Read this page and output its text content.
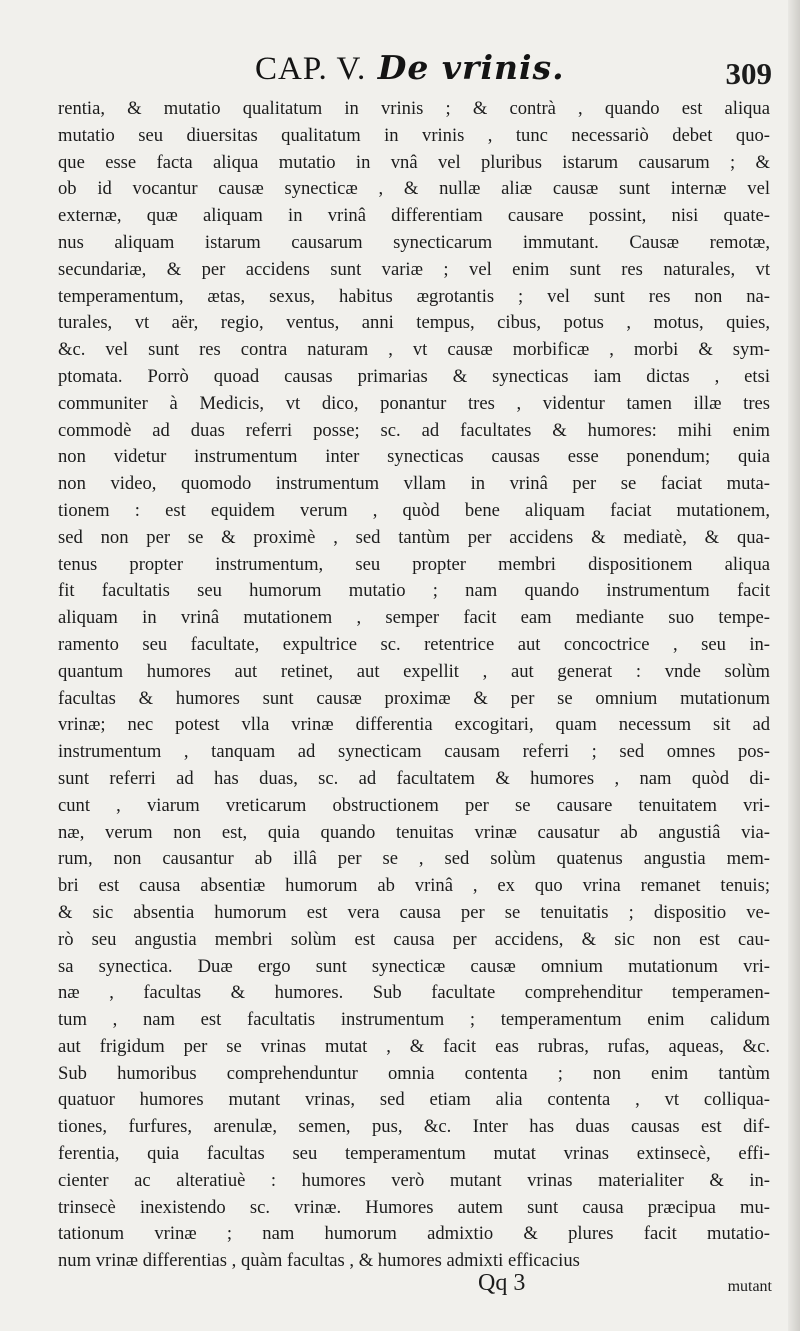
CAP. V. De vrinis.	309
rentia, & mutatio qualitatum in vrinis ; & contrà , quando est aliqua
mutatio seu diuersitas qualitatum in vrinis , tunc necessariò debet quo-
que esse facta aliqua mutatio in vnâ vel pluribus istarum causarum ; &
ob id vocantur causæ synecticæ , & nullæ aliæ causæ sunt internæ vel
externæ, quæ aliquam in vrinâ differentiam causare possint, nisi quate-
nus aliquam istarum causarum synecticarum immutant. Causæ remotæ,
secundariæ, & per accidens sunt variæ ; vel enim sunt res naturales, vt
temperamentum, ætas, sexus, habitus ægrotantis ; vel sunt res non na-
turales, vt aër, regio, ventus, anni tempus, cibus, potus , motus, quies,
&c. vel sunt res contra naturam , vt causæ morbificæ , morbi & sym-
ptomata. Porrò quoad causas primarias & synecticas iam dictas , etsi
communiter à Medicis, vt dico, ponantur tres , videntur tamen illæ tres
commodè ad duas referri posse; sc. ad facultates & humores: mihi enim
non videtur instrumentum inter synecticas causas esse ponendum; quia
non video, quomodo instrumentum vllam in vrinâ per se faciat muta-
tionem : est equidem verum , quòd bene aliquam faciat mutationem,
sed non per se & proximè , sed tantùm per accidens & mediatè, & qua-
tenus propter instrumentum, seu propter membri dispositionem aliqua
fit facultatis seu humorum mutatio ; nam quando instrumentum facit
aliquam in vrinâ mutationem , semper facit eam mediante suo tempe-
ramento seu facultate, expultrice sc. retentrice aut concoctrice , seu in-
quantum humores aut retinet, aut expellit , aut generat : vnde solùm
facultas & humores sunt causæ proximæ & per se omnium mutationum
vrinæ; nec potest vlla vrinæ differentia excogitari, quam necessum sit ad
instrumentum , tanquam ad synecticam causam referri ; sed omnes pos-
sunt referri ad has duas, sc. ad facultatem & humores , nam quòd di-
cunt , viarum vreticarum obstructionem per se causare tenuitatem vri-
næ, verum non est, quia quando tenuitas vrinæ causatur ab angustiâ via-
rum, non causantur ab illâ per se , sed solùm quatenus angustia mem-
bri est causa absentiæ humorum ab vrinâ , ex quo vrina remanet tenuis;
& sic absentia humorum est vera causa per se tenuitatis ; dispositio ve-
rò seu angustia membri solùm est causa per accidens, & sic non est cau-
sa synectica. Duæ ergo sunt synecticæ causæ omnium mutationum vri-
næ , facultas & humores. Sub facultate comprehenditur temperamen-
tum , nam est facultatis instrumentum ; temperamentum enim calidum
aut frigidum per se vrinas mutat , & facit eas rubras, rufas, aqueas, &c.
Sub humoribus comprehenduntur omnia contenta ; non enim tantùm
quatuor humores mutant vrinas, sed etiam alia contenta , vt colliqua-
tiones, furfures, arenulæ, semen, pus, &c. Inter has duas causas est dif-
ferentia, quia facultas seu temperamentum mutat vrinas extinsecè, effi-
cienter ac alteratiuè : humores verò mutant vrinas materialiter & in-
trinsecè inexistendo sc. vrinæ. Humores autem sunt causa præcipua mu-
tationum vrinæ ; nam humorum admixtio & plures facit mutatio-
num vrinæ differentias , quàm facultas , & humores admixti efficacius
Qq 3	mutant
